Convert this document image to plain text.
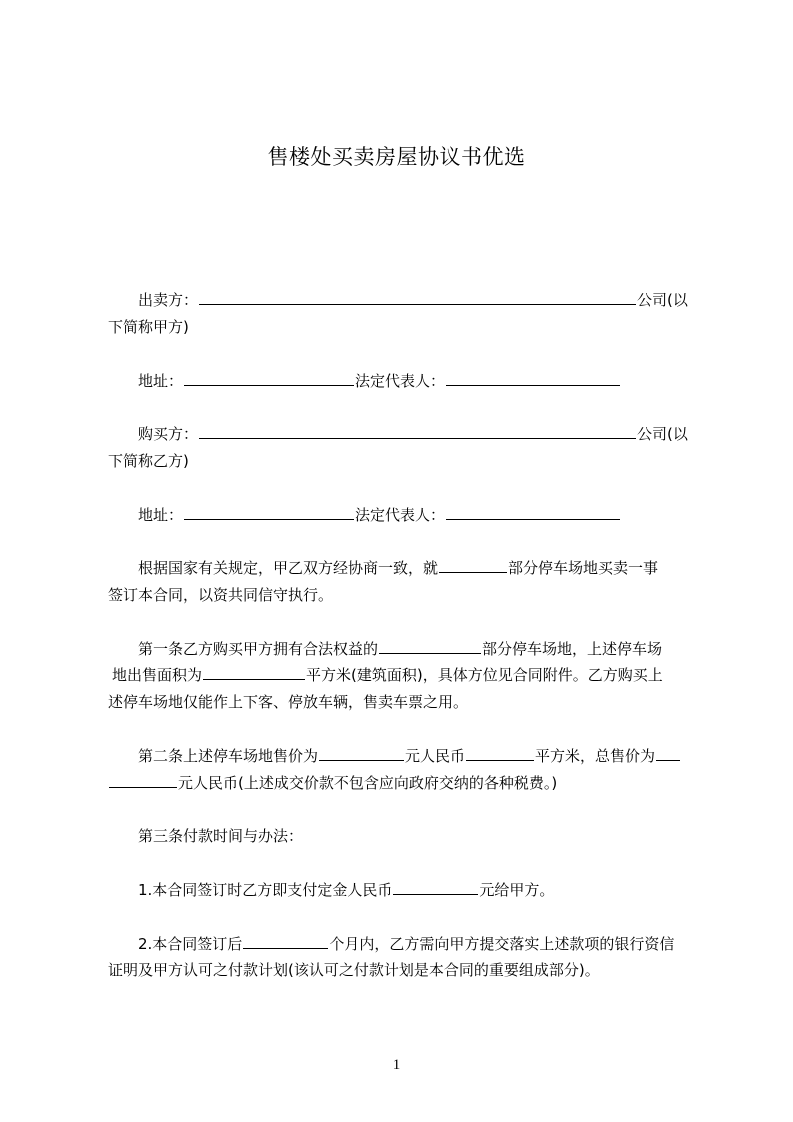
售楼处买卖房屋协议书优选

出卖方：	公司(以

下简称甲方)

地址：	法定代表人：

购买方：	公司(以

下简称乙方)

地址：	法定代表人：

根据国家有关规定，甲乙双方经协商一致，就	部分停车场地买卖一事

签订本合同，以资共同信守执行。

第一条乙方购买甲方拥有合法权益的	部分停车场地，上述停车场

地出售面积为	平方米(建筑面积)，具体方位见合同附件。乙方购买上

述停车场地仅能作上下客、停放车辆，售卖车票之用。

第二条上述停车场地售价为	元人民币	平方米，总售价为

元人民币(上述成交价款不包含应向政府交纳的各种税费。)

第三条付款时间与办法：

1.本合同签订时乙方即支付定金人民币	元给甲方。

2.本合同签订后	个月内，乙方需向甲方提交落实上述款项的银行资信

证明及甲方认可之付款计划(该认可之付款计划是本合同的重要组成部分)。

1
